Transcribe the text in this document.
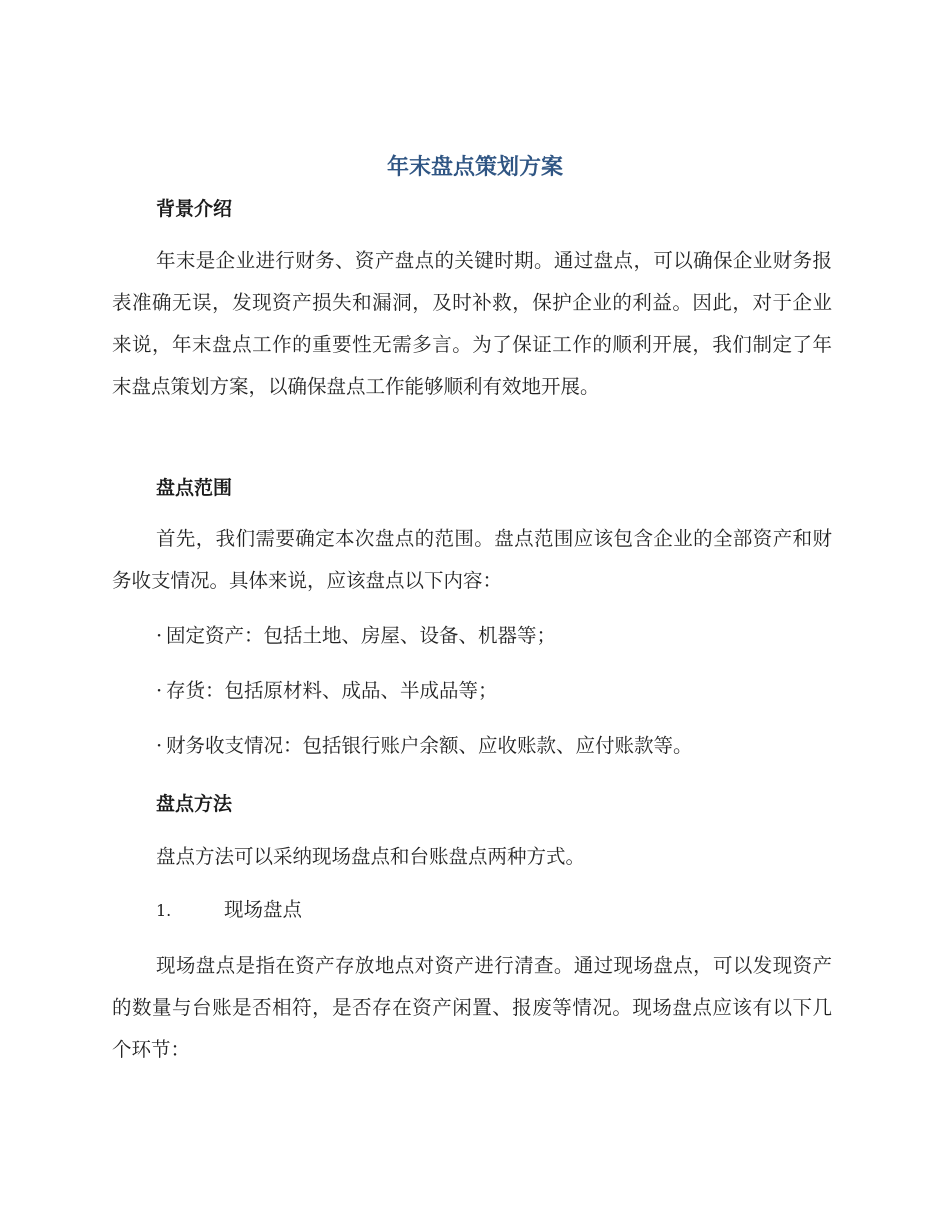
年末盘点策划方案
背景介绍
年末是企业进行财务、资产盘点的关键时期。通过盘点，可以确保企业财务报表准确无误，发现资产损失和漏洞，及时补救，保护企业的利益。因此，对于企业来说，年末盘点工作的重要性无需多言。为了保证工作的顺利开展，我们制定了年末盘点策划方案，以确保盘点工作能够顺利有效地开展。
盘点范围
首先，我们需要确定本次盘点的范围。盘点范围应该包含企业的全部资产和财务收支情况。具体来说，应该盘点以下内容：
· 固定资产：包括土地、房屋、设备、机器等；
· 存货：包括原材料、成品、半成品等；
· 财务收支情况：包括银行账户余额、应收账款、应付账款等。
盘点方法
盘点方法可以采纳现场盘点和台账盘点两种方式。
1.	现场盘点
现场盘点是指在资产存放地点对资产进行清查。通过现场盘点，可以发现资产的数量与台账是否相符，是否存在资产闲置、报废等情况。现场盘点应该有以下几个环节：
